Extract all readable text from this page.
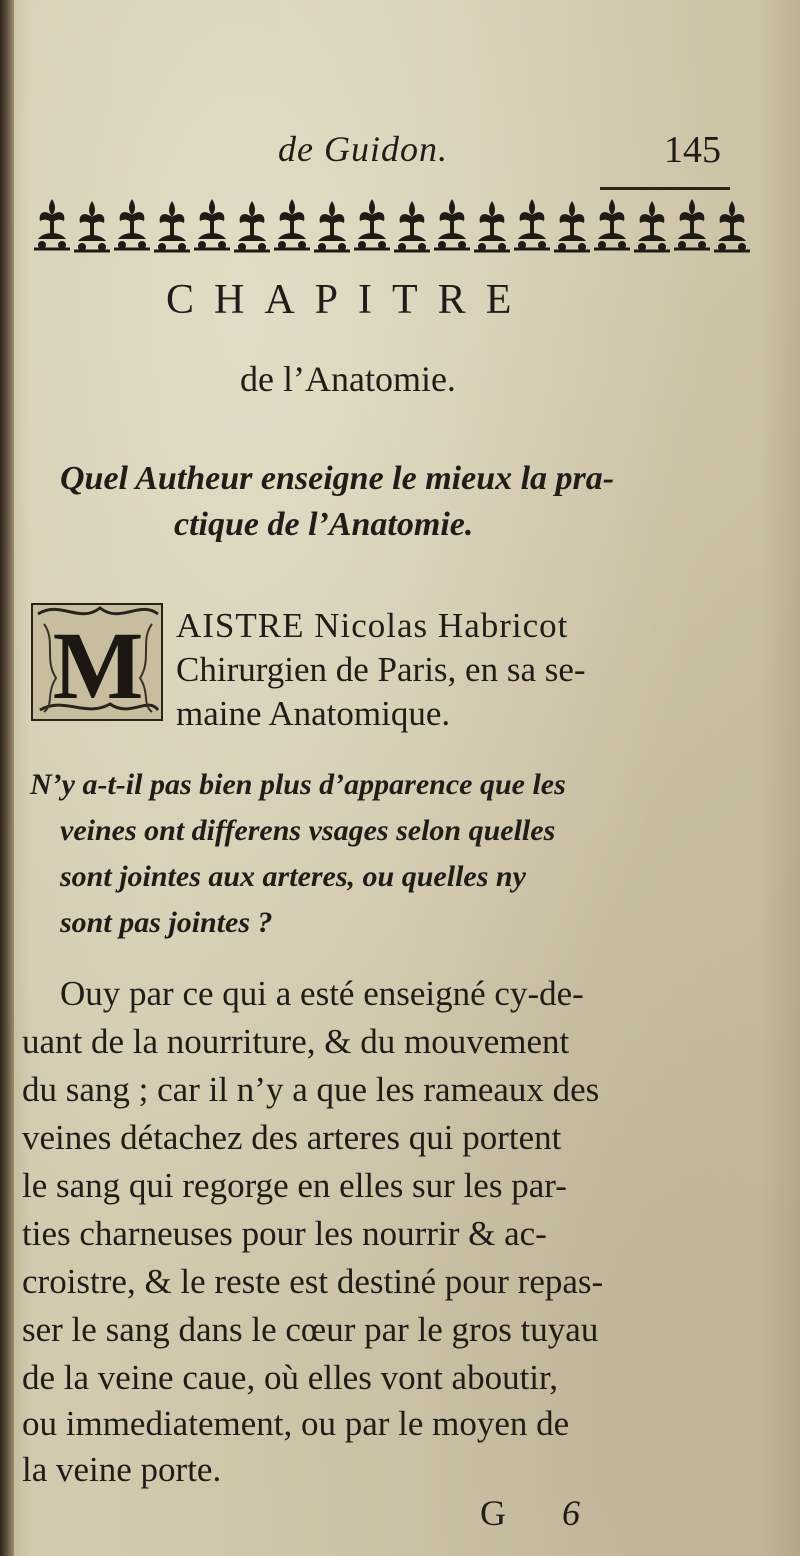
de Guidon.	145
CHAPITRE
de l’Anatomie.
Quel Autheur enseigne le mieux la pra-
ctique de l’Anatomie.
M AISTRE Nicolas Habricot
Chirurgien de Paris, en sa se-
maine Anatomique.
N’y a-t-il pas bien plus d’apparence que les
veines ont differens vsages selon quelles
sont jointes aux arteres, ou quelles ny
sont pas jointes ?
Ouy par ce qui a esté enseigné cy-de-
uant de la nourriture, & du mouvement
du sang ; car il n’y a que les rameaux des
veines détachez des arteres qui portent
le sang qui regorge en elles sur les par-
ties charneuses pour les nourrir & ac-
croistre, & le reste est destiné pour repas-
ser le sang dans le cœur par le gros tuyau
de la veine caue, où elles vont aboutir,
ou immediatement, ou par le moyen de
la veine porte.
G 6
